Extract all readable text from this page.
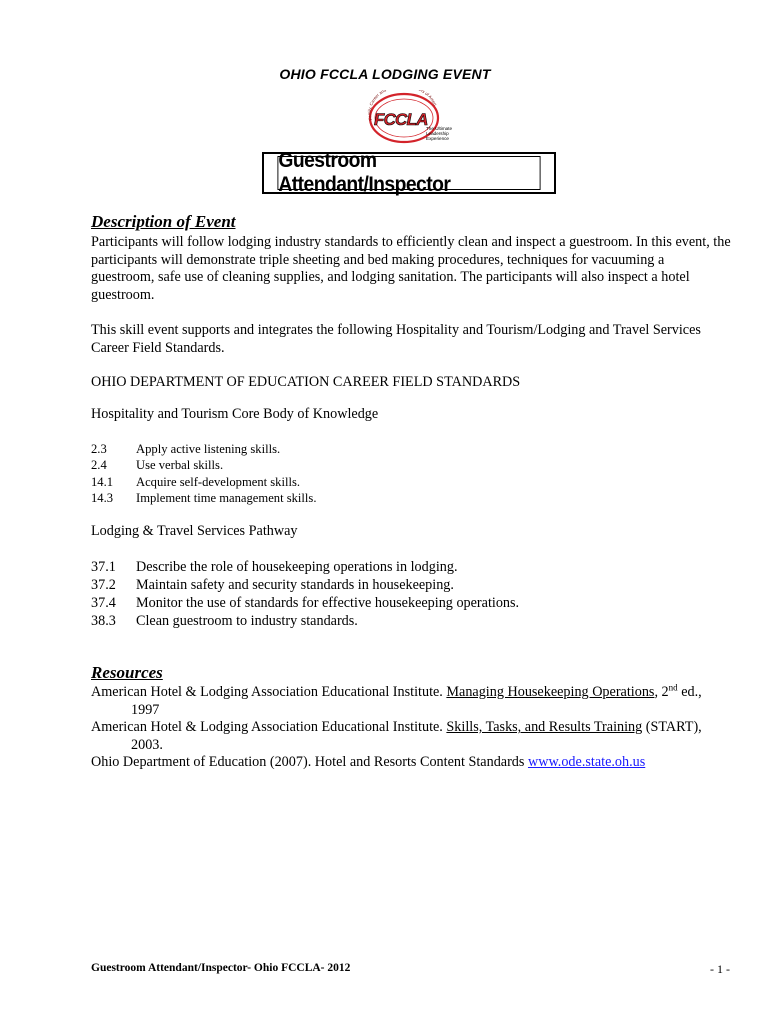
OHIO FCCLA LODGING EVENT
Family, Career and rs of Ameri
FCCLA
The Ultimate
Leadership
Experience
Guestroom Attendant/Inspector
Description of Event
Participants will follow lodging industry standards to efficiently clean and inspect a guestroom. In this event, the participants will demonstrate triple sheeting and bed making procedures, techniques for vacuuming a guestroom, safe use of cleaning supplies, and lodging sanitation. The participants will also inspect a hotel guestroom.
This skill event supports and integrates the following Hospitality and Tourism/Lodging and Travel Services Career Field Standards.
OHIO DEPARTMENT OF EDUCATION CAREER FIELD STANDARDS
Hospitality and Tourism Core Body of Knowledge
2.3	Apply active listening skills.
2.4	Use verbal skills.
14.1	Acquire self-development skills.
14.3	Implement time management skills.
Lodging & Travel Services Pathway
37.1	Describe the role of housekeeping operations in lodging.
37.2	Maintain safety and security standards in housekeeping.
37.4	Monitor the use of standards for effective housekeeping operations.
38.3	Clean guestroom to industry standards.
Resources
American Hotel & Lodging Association Educational Institute. Managing Housekeeping Operations, 2nd ed., 1997
American Hotel & Lodging Association Educational Institute. Skills, Tasks, and Results Training (START), 2003.
Ohio Department of Education (2007). Hotel and Resorts Content Standards www.ode.state.oh.us
Guestroom Attendant/Inspector- Ohio FCCLA- 2012	- 1 -
